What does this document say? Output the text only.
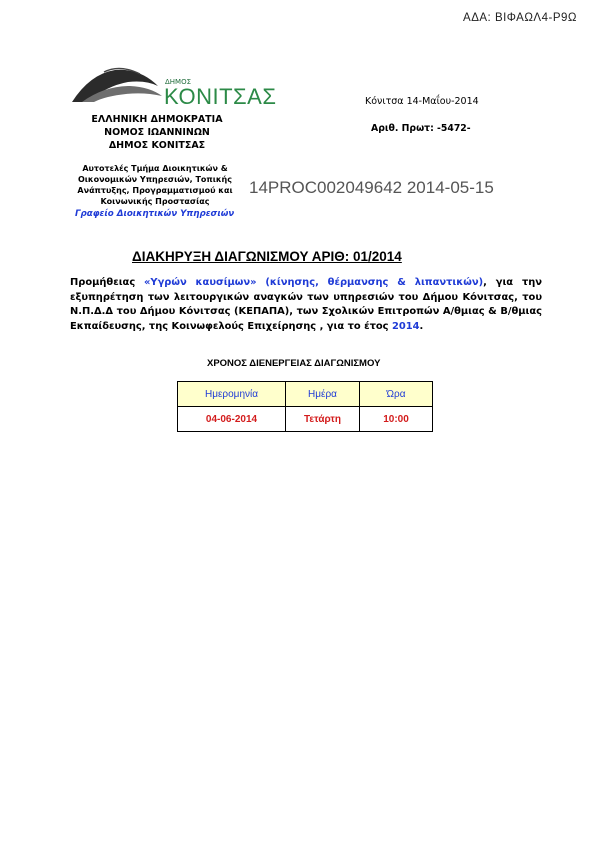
ΑΔΑ: ΒΙΦΑΩΛ4-Ρ9Ω
ΔΗΜΟΣ
ΚΟΝΙΤΣΑΣ
ΕΛΛΗΝΙΚΗ ΔΗΜΟΚΡΑΤΙΑ
ΝΟΜΟΣ ΙΩΑΝΝΙΝΩΝ
ΔΗΜΟΣ ΚΟΝΙΤΣΑΣ
Αυτοτελές Τμήμα Διοικητικών &
Οικονομικών Υπηρεσιών, Τοπικής
Ανάπτυξης, Προγραμματισμού και
Κοινωνικής Προστασίας
Γραφείο Διοικητικών Υπηρεσιών
14PROC002049642 2014-05-15
Κόνιτσα 14-Μαΐου-2014
Αριθ. Πρωτ: -5472-
ΔΙΑΚΗΡΥΞΗ ΔΙΑΓΩΝΙΣΜΟΥ ΑΡΙΘ: 01/2014
Προμήθειας «Υγρών καυσίμων» (κίνησης, θέρμανσης & λιπαντικών), για την εξυπηρέτηση των λειτουργικών αναγκών των υπηρεσιών του Δήμου Κόνιτσας, του Ν.Π.Δ.Δ του Δήμου Κόνιτσας (ΚΕΠΑΠΑ), των Σχολικών Επιτροπών Α/θμιας & Β/θμιας Εκπαίδευσης, της Κοινωφελούς Επιχείρησης , για το έτος 2014.
ΧΡΟΝΟΣ ΔΙΕΝΕΡΓΕΙΑΣ ΔΙΑΓΩΝΙΣΜΟΥ
Ημερομηνία	Ημέρα	Ώρα
04-06-2014	Τετάρτη	10:00
